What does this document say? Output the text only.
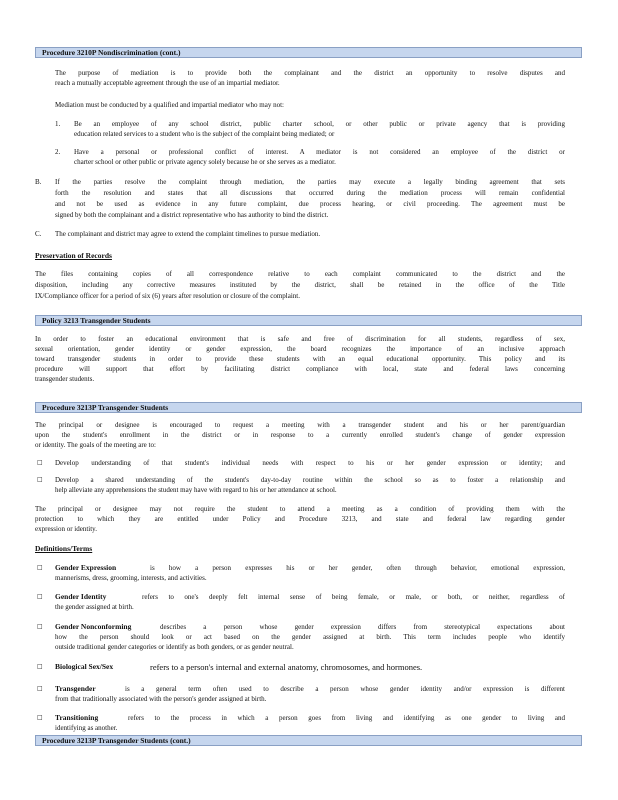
Procedure 3210P Nondiscrimination (cont.)
The purpose of mediation is to provide both the complainant and the district an opportunity to resolve disputes and
reach a mutually acceptable agreement through the use of an impartial mediator.
Mediation must be conducted by a qualified and impartial mediator who may not:
1. Be an employee of any school district, public charter school, or other public or private agency that is providing
education related services to a student who is the subject of the complaint being mediated; or
2. Have a personal or professional conflict of interest. A mediator is not considered an employee of the district or
charter school or other public or private agency solely because he or she serves as a mediator.
B. If the parties resolve the complaint through mediation, the parties may execute a legally binding agreement that sets
forth the resolution and states that all discussions that occurred during the mediation process will remain confidential
and not be used as evidence in any future complaint, due process hearing, or civil proceeding. The agreement must be
signed by both the complainant and a district representative who has authority to bind the district.
C. The complainant and district may agree to extend the complaint timelines to pursue mediation.
Preservation of Records
The files containing copies of all correspondence relative to each complaint communicated to the district and the
disposition, including any corrective measures instituted by the district, shall be retained in the office of the Title
IX/Compliance officer for a period of six (6) years after resolution or closure of the complaint.
Policy 3213 Transgender Students
In order to foster an educational environment that is safe and free of discrimination for all students, regardless of sex,
sexual orientation, gender identity or gender expression, the board recognizes the importance of an inclusive approach
toward transgender students in order to provide these students with an equal educational opportunity. This policy and its
procedure will support that effort by facilitating district compliance with local, state and federal laws concerning
transgender students.
Procedure 3213P Transgender Students
The principal or designee is encouraged to request a meeting with a transgender student and his or her parent/guardian
upon the student's enrollment in the district or in response to a currently enrolled student's change of gender expression
or identity. The goals of the meeting are to:
□ Develop understanding of that student's individual needs with respect to his or her gender expression or identity; and
□ Develop a shared understanding of the student's day-to-day routine within the school so as to foster a relationship and
help alleviate any apprehensions the student may have with regard to his or her attendance at school.
The principal or designee may not require the student to attend a meeting as a condition of providing them with the
protection to which they are entitled under Policy and Procedure 3213, and state and federal law regarding gender
expression or identity.
Definitions/Terms
□ Gender Expression	is how a person expresses his or her gender, often through behavior, emotional expression,
mannerisms, dress, grooming, interests, and activities.
□ Gender Identity	refers to one's deeply felt internal sense of being female, or male, or both, or neither, regardless of
the gender assigned at birth.
□ Gender Nonconforming	describes a person whose gender expression differs from stereotypical expectations about
how the person should look or act based on the gender assigned at birth. This term includes people who identify
outside traditional gender categories or identify as both genders, or as gender neutral.
□ Biological Sex/Sex	refers to a person's internal and external anatomy, chromosomes, and hormones.
□ Transgender	is a general term often used to describe a person whose gender identity and/or expression is different
from that traditionally associated with the person's gender assigned at birth.
□ Transitioning	refers to the process in which a person goes from living and identifying as one gender to living and
identifying as another.
Procedure 3213P Transgender Students (cont.)
